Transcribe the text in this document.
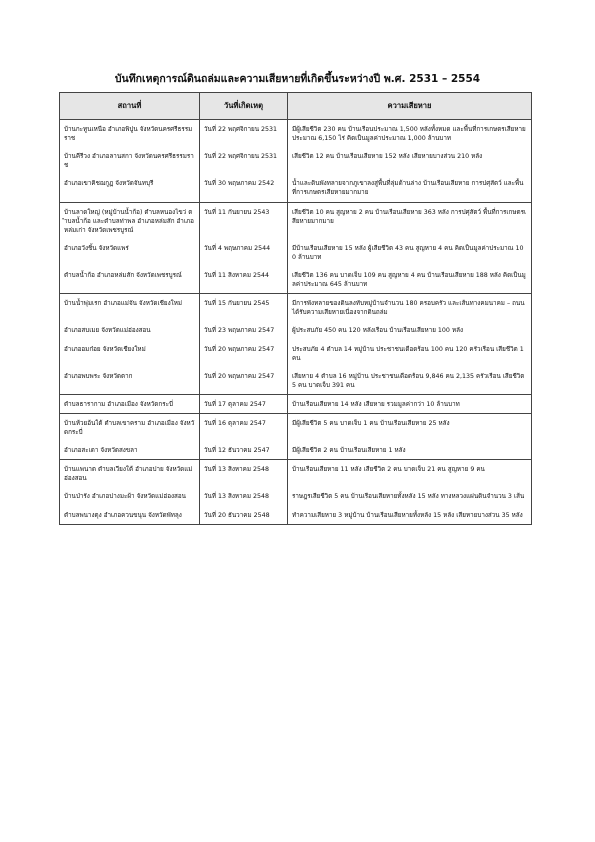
บันทึกเหตุการณ์ดินถล่มและความเสียหายที่เกิดขึ้นระหว่างปี พ.ศ. 2531 – 2554
สถานที่	วันที่เกิดเหตุ	ความเสียหาย
บ้านกะทูนเหนือ อำเภอพิปูน จังหวัดนครศรีธรรมราช	วันที่ 22 พฤศจิกายน 2531	มีผู้เสียชีวิต 230 คน บ้านเรือนประมาณ 1,500 หลังทั้งหมด และพื้นที่การเกษตรเสียหายประมาณ 6,150 ไร่ คิดเป็นมูลค่าประมาณ 1,000 ล้านบาท
บ้านคีรีวง อำเภอลานสกา จังหวัดนครศรีธรรมราช	วันที่ 22 พฤศจิกายน 2531	เสียชีวิต 12 คน บ้านเรือนเสียหาย 152 หลัง เสียหายบางส่วน 210 หลัง
อำเภอเขาคิชฌกูฏ จังหวัดจันทบุรี	วันที่ 30 พฤษภาคม 2542	น้ำและดินพังทลายจากภูเขาลงสู่พื้นที่ลุ่มด้านล่าง บ้านเรือนเสียหาย การปศุสัตว์ และพื้นที่การเกษตรเสียหายมากมาย
บ้านลาดใหญ่ (หมู่บ้านน้ำก้อ) ตำบลหนองไขว่ ตำบลน้ำก้อ และตำบลท่าพล อำเภอหล่มสัก อำเภอหล่มเก่า จังหวัดเพชรบูรณ์	วันที่ 11 กันยายน 2543	เสียชีวิต 10 คน สูญหาย 2 คน บ้านเรือนเสียหาย 363 หลัง การปศุสัตว์ พื้นที่การเกษตรเสียหายมากมาย
อำเภอวังชิ้น จังหวัดแพร่	วันที่ 4 พฤษภาคม 2544	มีบ้านเรือนเสียหาย 15 หลัง ผู้เสียชีวิต 43 คน สูญหาย 4 คน คิดเป็นมูลค่าประมาณ 100 ล้านบาท
ตำบลน้ำก้อ อำเภอหล่มสัก จังหวัดเพชรบูรณ์	วันที่ 11 สิงหาคม 2544	เสียชีวิต 136 คน บาดเจ็บ 109 คน สูญหาย 4 คน บ้านเรือนเสียหาย 188 หลัง คิดเป็นมูลค่าประมาณ 645 ล้านบาท
บ้านน้ำพุ่มเรก อำเภอแม่จัน จังหวัดเชียงใหม่	วันที่ 15 กันยายน 2545	มีการพังทลายของดินลงทับหมู่บ้านจำนวน 180 ครอบครัว และเส้นทางคมนาคม – ถนน ได้รับความเสียหายเนื่องจากดินถล่ม
อำเภอสบเมย จังหวัดแม่ฮ่องสอน	วันที่ 23 พฤษภาคม 2547	ผู้ประสบภัย 450 คน 120 หลังเรือน บ้านเรือนเสียหาย 100 หลัง
อำเภออมก๋อย จังหวัดเชียงใหม่	วันที่ 20 พฤษภาคม 2547	ประสบภัย 4 ตำบล 14 หมู่บ้าน ประชาชนเดือดร้อน 100 คน 120 ครัวเรือน เสียชีวิต 1 คน
อำเภอพบพระ จังหวัดตาก	วันที่ 20 พฤษภาคม 2547	เสียหาย 4 ตำบล 16 หมู่บ้าน ประชาชนเดือดร้อน 9,846 คน 2,135 ครัวเรือน เสียชีวิต 5 คน บาดเจ็บ 391 คน
ตำบลธารากาม อำเภอเมือง จังหวัดกระบี่	วันที่ 17 ตุลาคม 2547	บ้านเรือนเสียหาย 14 หลัง เสียหาย รวมมูลค่ากว่า 10 ล้านบาท
บ้านห้วยอ้นใต้ ตำบลเขาคราม อำเภอเมือง จังหวัดกระบี่	วันที่ 16 ตุลาคม 2547	มีผู้เสียชีวิต 5 คน บาดเจ็บ 1 คน บ้านเรือนเสียหาย 25 หลัง
อำเภอสะเดา จังหวัดสงขลา	วันที่ 12 ธันวาคม 2547	มีผู้เสียชีวิต 2 คน บ้านเรือนเสียหาย 1 หลัง
บ้านแพนาต ตำบลเวียงใต้ อำเภอปาย จังหวัดแม่ฮ่องสอน	วันที่ 13 สิงหาคม 2548	บ้านเรือนเสียหาย 11 หลัง เสียชีวิต 2 คน บาดเจ็บ 21 คน สูญหาย 9 คน
บ้านป่ารัง อำเภอปางมะผ้า จังหวัดแม่ฮ่องสอน	วันที่ 13 สิงหาคม 2548	ราษฎรเสียชีวิต 5 คน บ้านเรือนเสียหายทั้งหลัง 15 หลัง ทางหลวงแผ่นดินจำนวน 3 เส้น
ตำบลพนางตุง อำเภอควนขนุน จังหวัดพัทลุง	วันที่ 20 ธันวาคม 2548	ทำความเสียหาย 3 หมู่บ้าน บ้านเรือนเสียหายทั้งหลัง 15 หลัง เสียหายบางส่วน 35 หลัง
